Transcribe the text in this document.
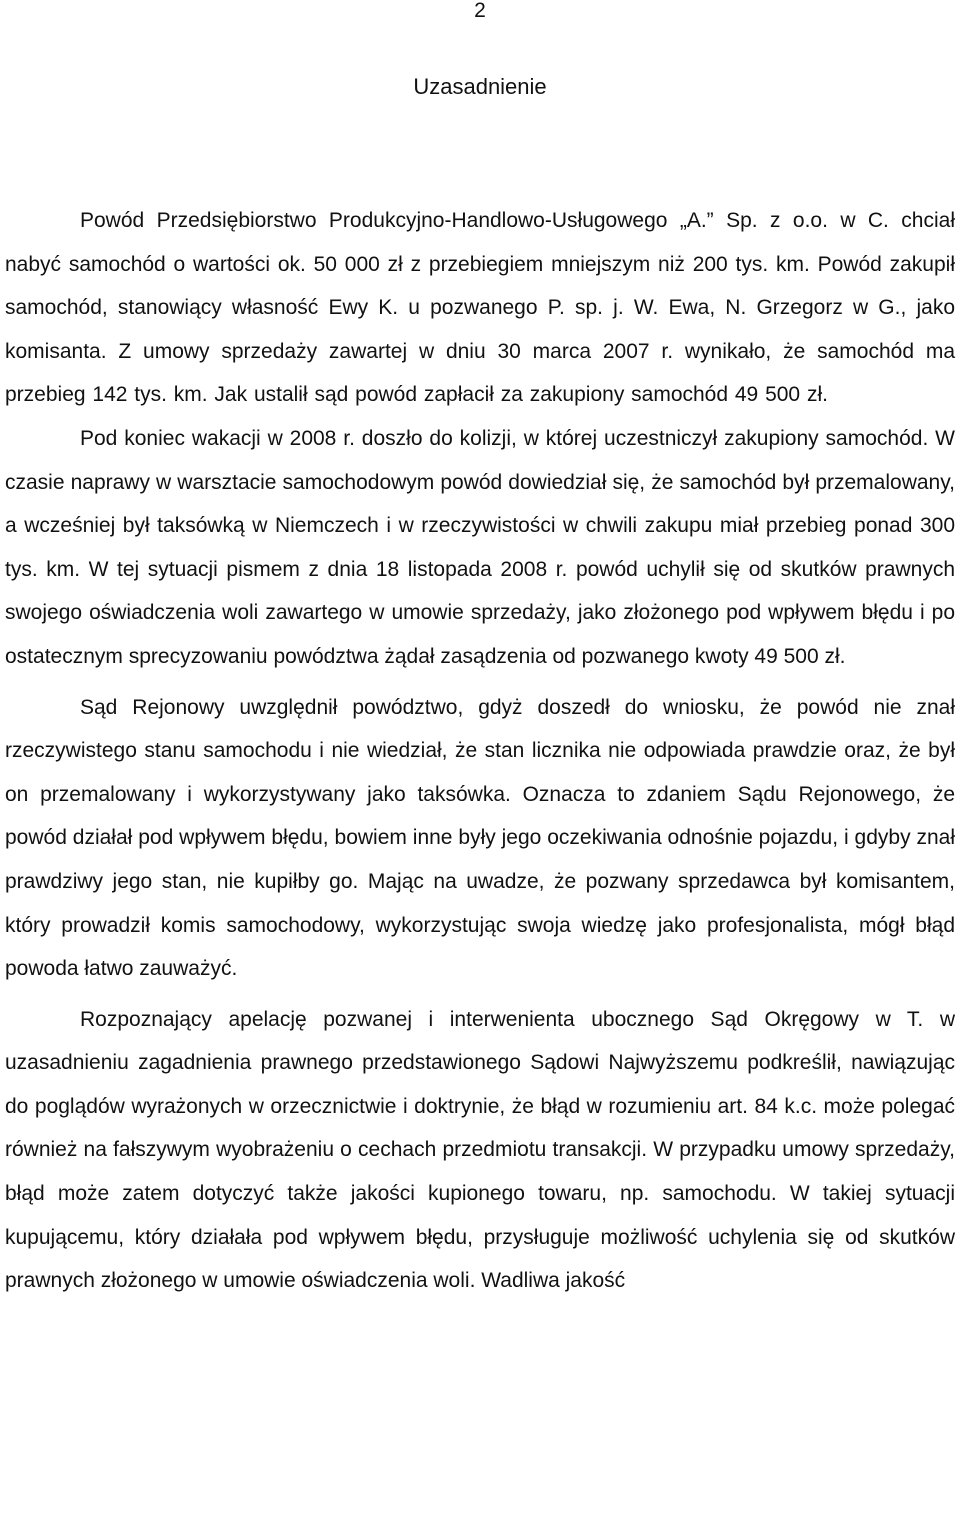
2
Uzasadnienie

Powód Przedsiębiorstwo Produkcyjno-Handlowo-Usługowego „A.” Sp. z o.o. w C. chciał nabyć samochód o wartości ok. 50 000 zł z przebiegiem mniejszym niż 200 tys. km. Powód zakupił samochód, stanowiący własność Ewy K. u pozwanego P. sp. j. W. Ewa, N. Grzegorz w G., jako komisanta. Z umowy sprzedaży zawartej w dniu 30 marca 2007 r. wynikało, że samochód ma przebieg 142 tys. km. Jak ustalił sąd powód zapłacił za zakupiony samochód 49 500 zł.

Pod koniec wakacji w 2008 r. doszło do kolizji, w której uczestniczył zakupiony samochód. W czasie naprawy w warsztacie samochodowym powód dowiedział się, że samochód był przemalowany, a wcześniej był taksówką w Niemczech i w rzeczywistości w chwili zakupu miał przebieg ponad 300 tys. km. W tej sytuacji pismem z dnia 18 listopada 2008 r. powód uchylił się od skutków prawnych swojego oświadczenia woli zawartego w umowie sprzedaży, jako złożonego pod wpływem błędu i po ostatecznym sprecyzowaniu powództwa żądał zasądzenia od pozwanego kwoty 49 500 zł.

Sąd Rejonowy uwzględnił powództwo, gdyż doszedł do wniosku, że powód nie znał rzeczywistego stanu samochodu i nie wiedział, że stan licznika nie odpowiada prawdzie oraz, że był on przemalowany i wykorzystywany jako taksówka. Oznacza to zdaniem Sądu Rejonowego, że powód działał pod wpływem błędu, bowiem inne były jego oczekiwania odnośnie pojazdu, i gdyby znał prawdziwy jego stan, nie kupiłby go. Mając na uwadze, że pozwany sprzedawca był komisantem, który prowadził komis samochodowy, wykorzystując swoja wiedzę jako profesjonalista, mógł błąd powoda łatwo zauważyć.

Rozpoznający apelację pozwanej i interwenienta ubocznego Sąd Okręgowy w T. w uzasadnieniu zagadnienia prawnego przedstawionego Sądowi Najwyższemu podkreślił, nawiązując do poglądów wyrażonych w orzecznictwie i doktrynie, że błąd w rozumieniu art. 84 k.c. może polegać również na fałszywym wyobrażeniu o cechach przedmiotu transakcji. W przypadku umowy sprzedaży, błąd może zatem dotyczyć także jakości kupionego towaru, np. samochodu. W takiej sytuacji kupującemu, który działała pod wpływem błędu, przysługuje możliwość uchylenia się od skutków prawnych złożonego w umowie oświadczenia woli. Wadliwa jakość
